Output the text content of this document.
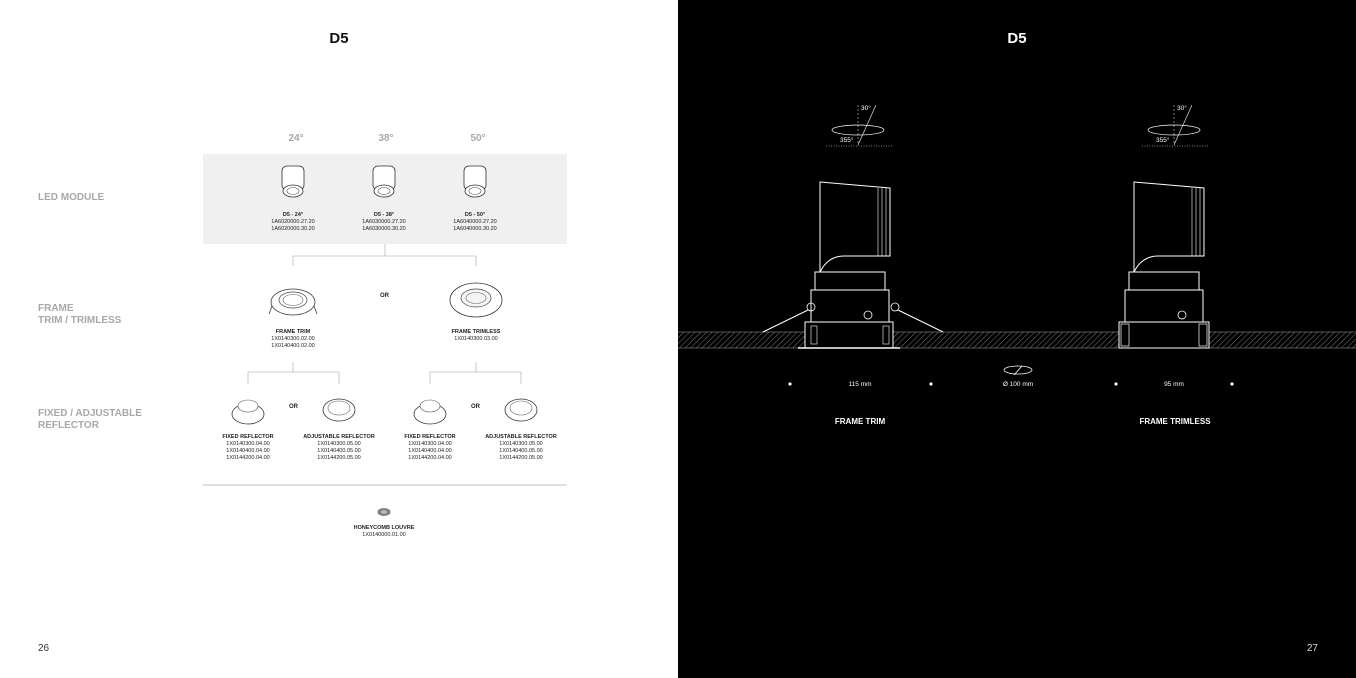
D5
LED MODULE
FRAME
TRIM / TRIMLESS
FIXED / ADJUSTABLE
REFLECTOR
24°	38°	50°
D5 - 24°
1A6020000.27.20
1A6020000.30.20
D5 - 38°
1A6030000.27.20
1A6030000.30.20
D5 - 50°
1A6040000.27.20
1A6040000.30.20
OR
FRAME TRIM
1X0140300.02.00
1X0140400.02.00
FRAME TRIMLESS
1X0140300.03.00
OR	OR
FIXED REFLECTOR
1X0140300.04.00
1X0140400.04.00
1X0144200.04.00
ADJUSTABLE REFLECTOR
1X0140300.05.00
1X0140400.05.00
1X0144200.05.00
FIXED REFLECTOR
1X0140300.04.00
1X0140400.04.00
1X0144200.04.00
ADJUSTABLE REFLECTOR
1X0140300.05.00
1X0140400.05.00
1X0144200.05.00
HONEYCOMB LOUVRE
1X0140000.01.00
26
D5
30°
355°
30°
355°
115 mm	Ø 100 mm	95 mm
FRAME TRIM	FRAME TRIMLESS
27
